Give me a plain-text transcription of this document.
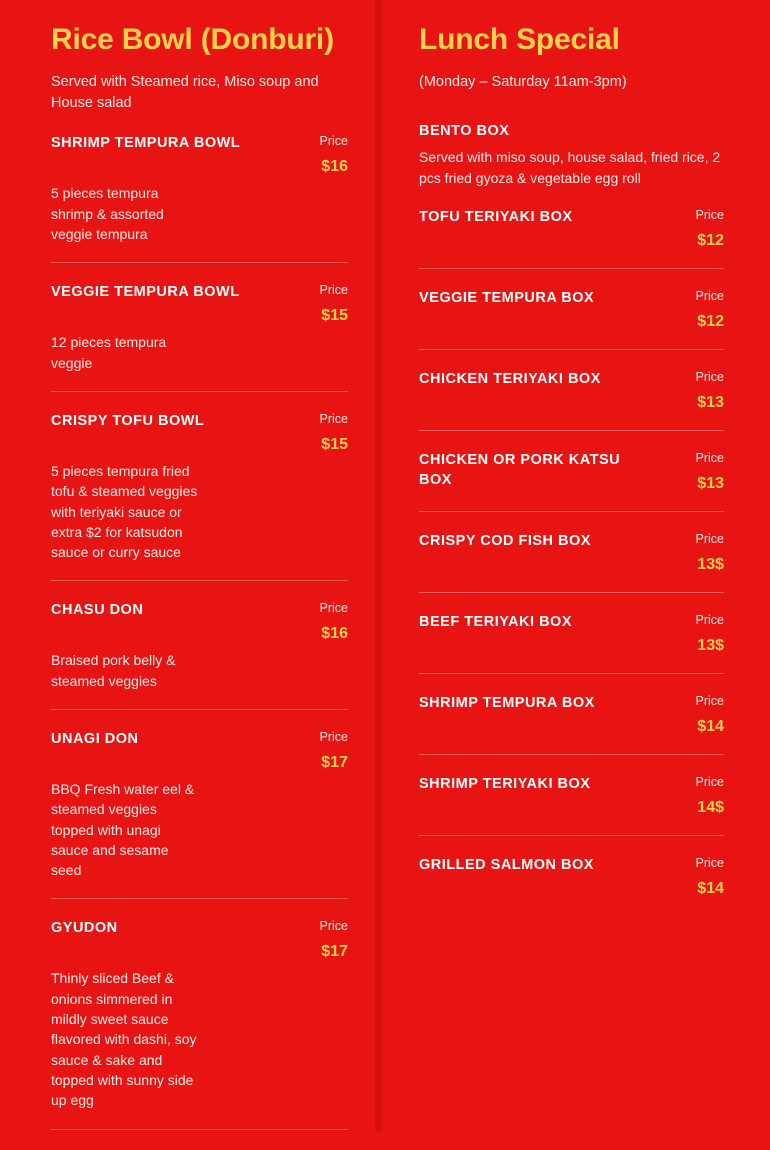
Rice Bowl (Donburi)
Served with Steamed rice, Miso soup and House salad
SHRIMP TEMPURA BOWL	Price
$16
5 pieces tempura shrimp & assorted veggie tempura
VEGGIE TEMPURA BOWL	Price
$15
12 pieces tempura veggie
CRISPY TOFU BOWL	Price
$15
5 pieces tempura fried tofu & steamed veggies with teriyaki sauce or extra $2 for katsudon sauce or curry sauce
CHASU DON	Price
$16
Braised pork belly & steamed veggies
UNAGI DON	Price
$17
BBQ Fresh water eel & steamed veggies topped with unagi sauce and sesame seed
GYUDON	Price
$17
Thinly sliced Beef & onions simmered in mildly sweet sauce flavored with dashi, soy sauce & sake and topped with sunny side up egg
Lunch Special
(Monday – Saturday 11am-3pm)
BENTO BOX
Served with miso soup, house salad, fried rice, 2 pcs fried gyoza & vegetable egg roll
TOFU TERIYAKI BOX	Price
$12
VEGGIE TEMPURA BOX	Price
$12
CHICKEN TERIYAKI BOX	Price
$13
CHICKEN OR PORK KATSU BOX
Price
$13
CRISPY COD FISH BOX	Price
13$
BEEF TERIYAKI BOX	Price
13$
SHRIMP TEMPURA BOX	Price
$14
SHRIMP TERIYAKI BOX	Price
14$
GRILLED SALMON BOX	Price
$14
